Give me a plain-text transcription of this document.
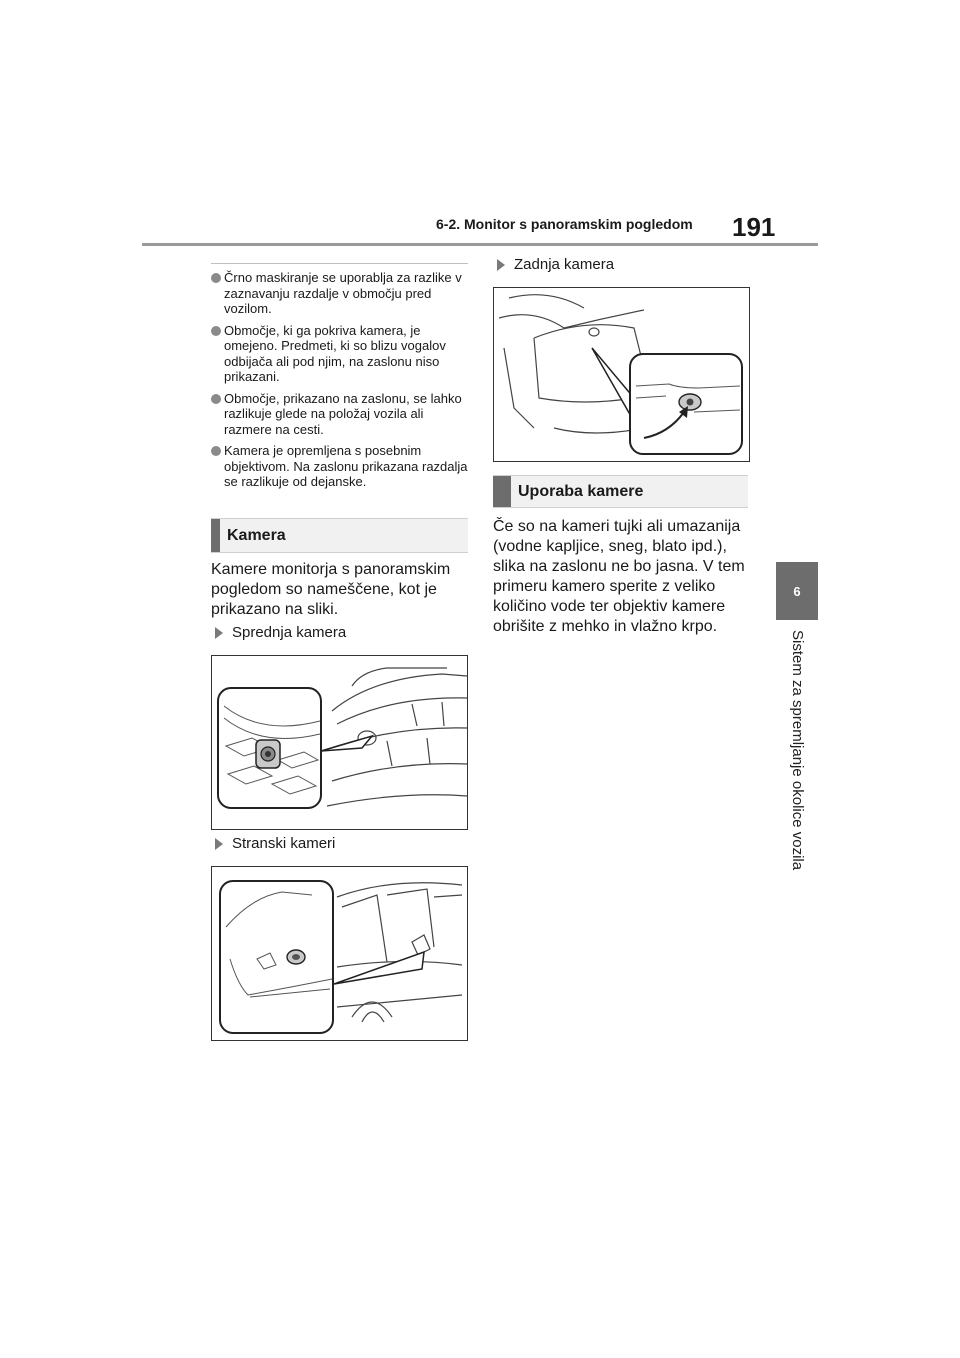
6-2. Monitor s panoramskim pogledom 191
6
Sistem za spremljanje okolice vozila
Črno maskiranje se uporablja za razlike v zaznavanju razdalje v območju pred vozilom.
Območje, ki ga pokriva kamera, je omejeno. Predmeti, ki so blizu vogalov odbijača ali pod njim, na zaslonu niso prikazani.
Območje, prikazano na zaslonu, se lahko razlikuje glede na položaj vozila ali razmere na cesti.
Kamera je opremljena s posebnim objektivom. Na zaslonu prikazana razdalja se razlikuje od dejanske.
Kamera
Kamere monitorja s panoramskim pogledom so nameščene, kot je prikazano na sliki.
Sprednja kamera
Stranski kameri
Zadnja kamera
Uporaba kamere
Če so na kameri tujki ali umazanija (vodne kapljice, sneg, blato ipd.), slika na zaslonu ne bo jasna. V tem primeru kamero sperite z veliko količino vode ter objektiv kamere obrišite z mehko in vlažno krpo.
